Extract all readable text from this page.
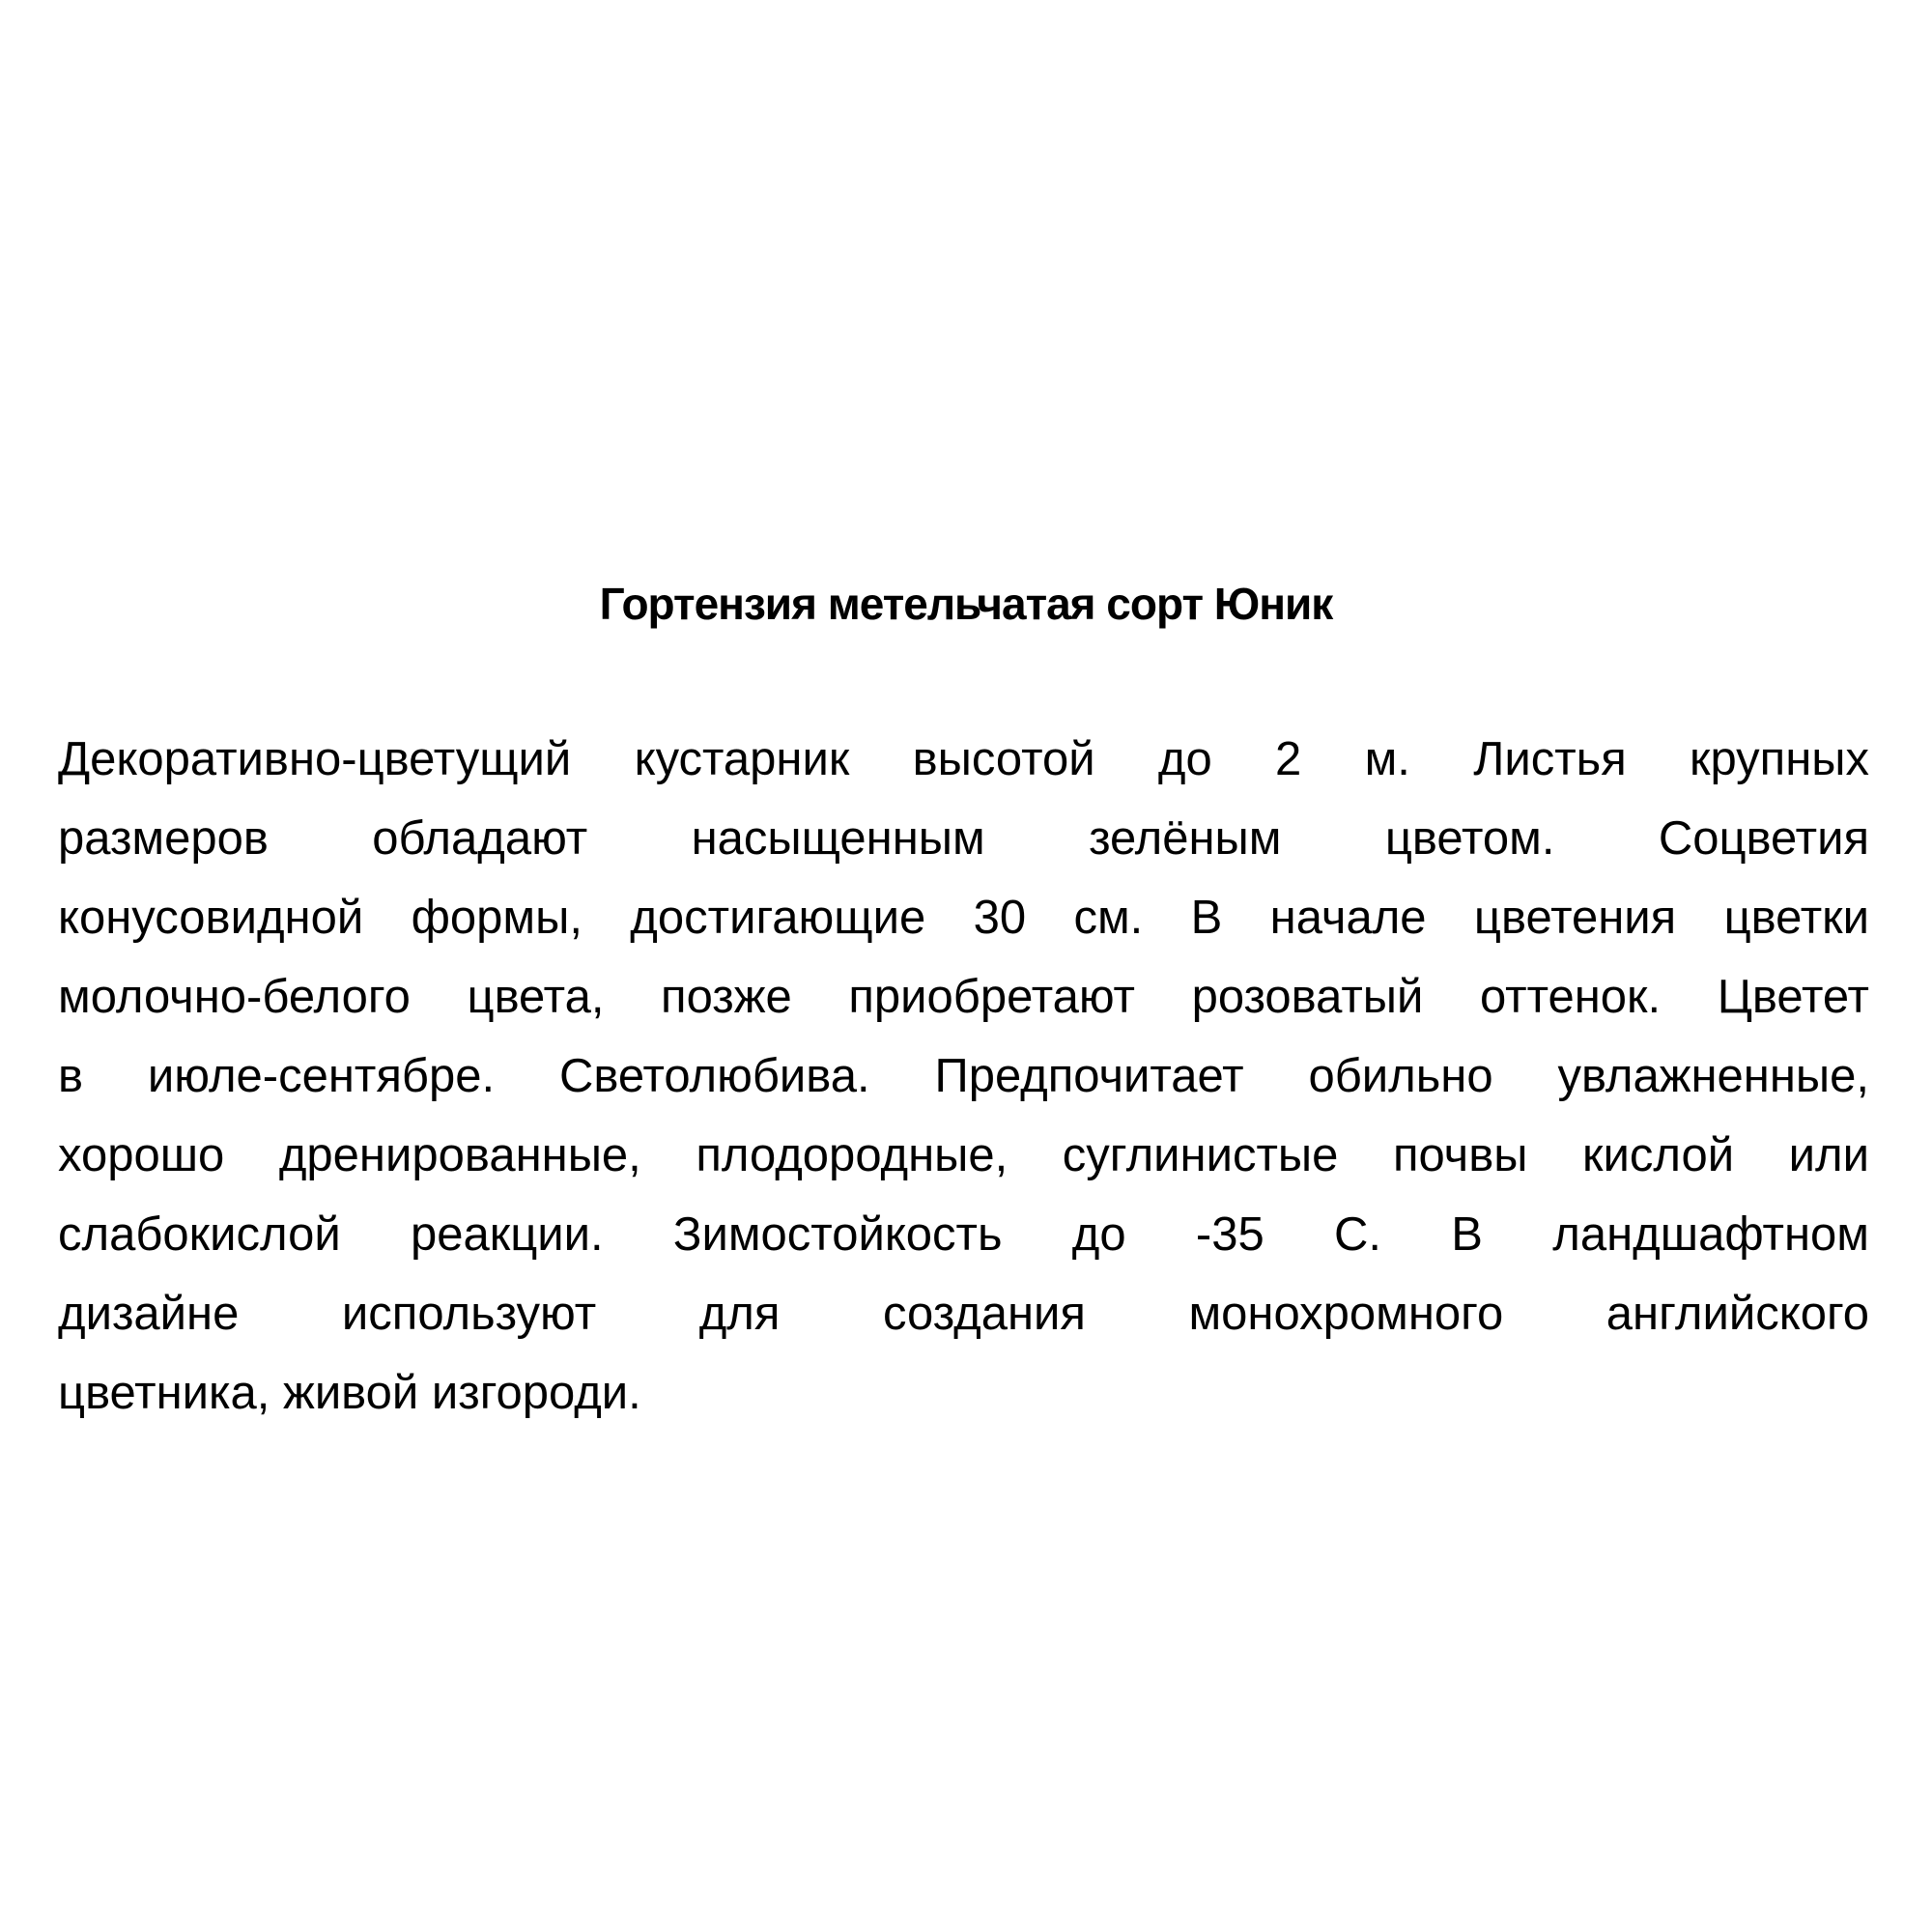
Гортензия метельчатая сорт Юник
Декоративно-цветущий кустарник высотой до 2 м. Листья крупных
размеров обладают насыщенным зелёным цветом. Соцветия
конусовидной формы, достигающие 30 см. В начале цветения цветки
молочно-белого цвета, позже приобретают розоватый оттенок. Цветет
в июле-сентябре. Светолюбива. Предпочитает обильно увлажненные,
хорошо дренированные, плодородные, суглинистые почвы кислой или
слабокислой реакции. Зимостойкость до -35 С. В ландшафтном
дизайне используют для создания монохромного английского
цветника, живой изгороди.
